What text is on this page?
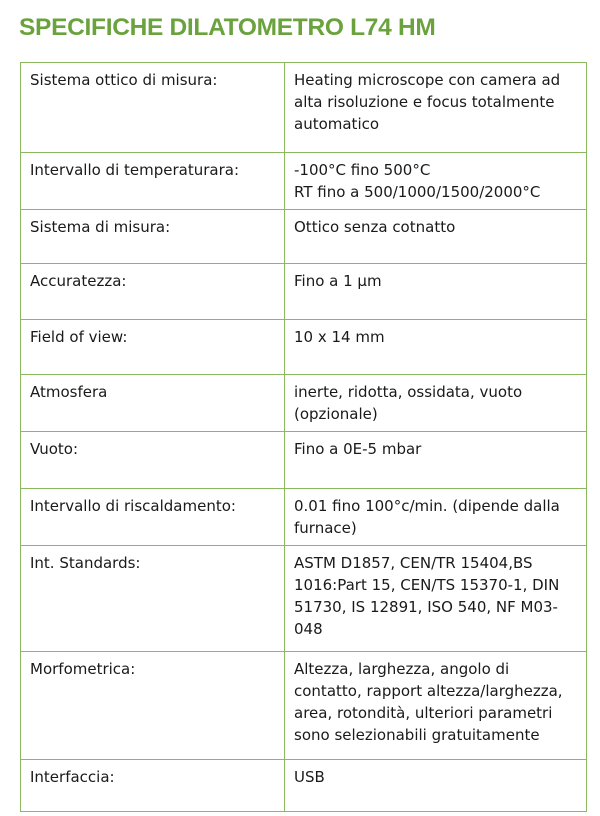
SPECIFICHE DILATOMETRO L74 HM
Sistema ottico di misura:	Heating microscope con camera ad
alta risoluzione e focus totalmente
automatico

Intervallo di temperaturara:	-100°C fino 500°C
RT fino a 500/1000/1500/2000°C

Sistema di misura:	Ottico senza cotnatto

Accuratezza:	Fino a 1 µm

Field of view:	10 x 14 mm

Atmosfera	inerte, ridotta, ossidata, vuoto
(opzionale)

Vuoto:	Fino a 0E-5 mbar

Intervallo di riscaldamento:	0.01 fino 100°c/min. (dipende dalla
furnace)

Int. Standards:	ASTM D1857, CEN/TR 15404,BS
1016:Part 15, CEN/TS 15370-1, DIN
51730, IS 12891, ISO 540, NF M03-
048

Morfometrica:	Altezza, larghezza, angolo di
contatto, rapport altezza/larghezza,
area, rotondità, ulteriori parametri
sono selezionabili gratuitamente

Interfaccia:	USB
